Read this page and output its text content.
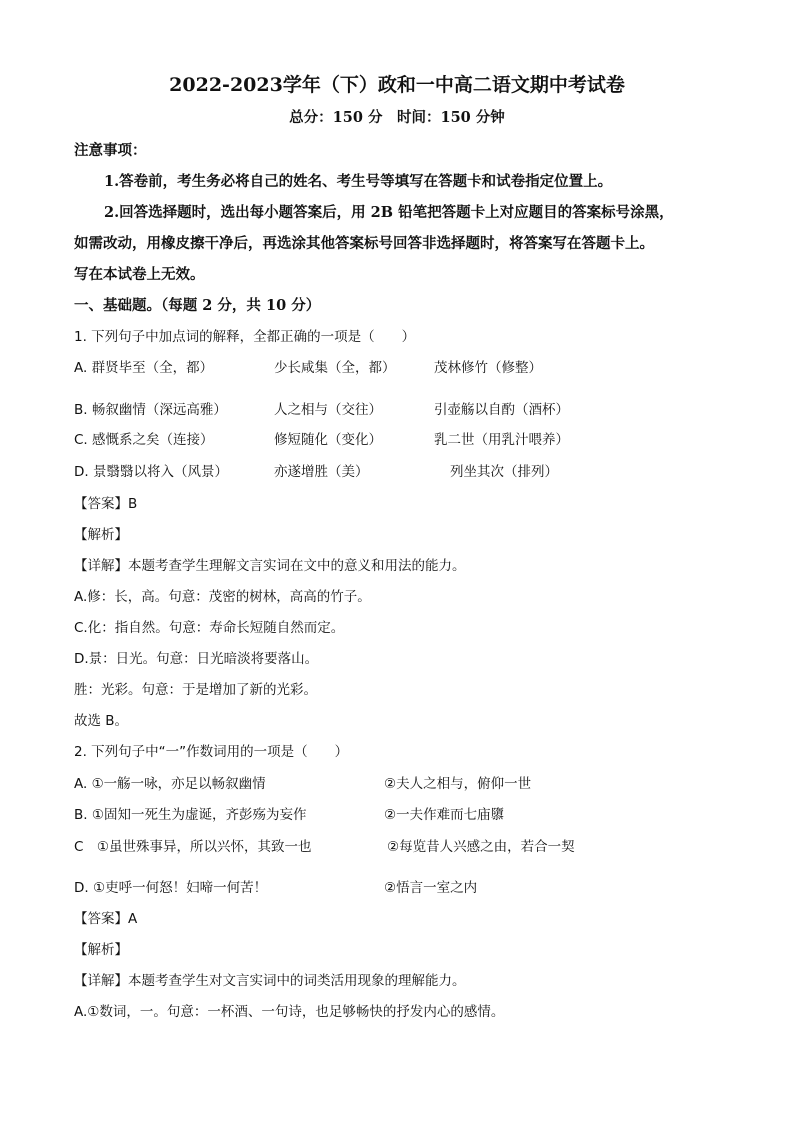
2022-2023学年（下）政和一中高二语文期中考试卷
总分：150 分　时间：150 分钟
注意事项：
1.答卷前，考生务必将自己的姓名、考生号等填写在答题卡和试卷指定位置上。
2.回答选择题时，选出每小题答案后，用 2B 铅笔把答题卡上对应题目的答案标号涂黑，
如需改动，用橡皮擦干净后，再选涂其他答案标号回答非选择题时，将答案写在答题卡上。
写在本试卷上无效。
一、基础题。（每题 2 分，共 10 分）
1. 下列句子中加点词的解释，全都正确的一项是（　　）
A. 群贤毕至（全，都）	少长咸集（全，都）	茂林修竹（修整）
B. 畅叙幽情（深远高雅）	人之相与（交往）	引壶觞以自酌（酒杯）
C. 感慨系之矣（连接）	修短随化（变化）	乳二世（用乳汁喂养）
D. 景翳翳以将入（风景）	亦遂增胜（美）	列坐其次（排列）
【答案】B
【解析】
【详解】本题考查学生理解文言实词在文中的意义和用法的能力。
A.修：长，高。句意：茂密的树林，高高的竹子。
C.化：指自然。句意：寿命长短随自然而定。
D.景：日光。句意：日光暗淡将要落山。
胜：光彩。句意：于是增加了新的光彩。
故选 B。
2. 下列句子中“一”作数词用的一项是（　　）
A. ①一觞一咏，亦足以畅叙幽情	②夫人之相与，俯仰一世
B. ①固知一死生为虚诞，齐彭殇为妄作	②一夫作难而七庙隳
C　①虽世殊事异，所以兴怀，其致一也	②每览昔人兴感之由，若合一契
D. ①吏呼一何怒！妇啼一何苦！	②悟言一室之内
【答案】A
【解析】
【详解】本题考查学生对文言实词中的词类活用现象的理解能力。
A.①数词，一。句意：一杯酒、一句诗，也足够畅快的抒发内心的感情。
